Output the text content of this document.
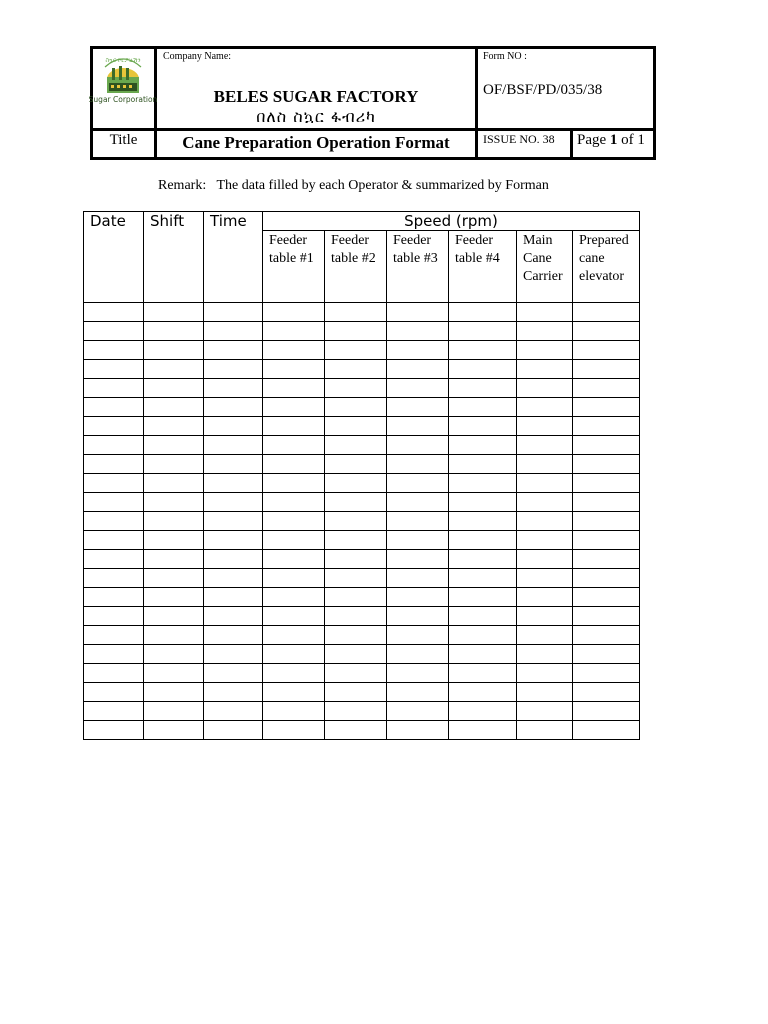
ስኳር ኮርፖሬሽን
Sugar Corporation
Company Name:
BELES SUGAR FACTORY
በለስ ስኳር ፋብሪካ
Form NO :
OF/BSF/PD/035/38
Title	Cane Preparation Operation Format	ISSUE NO. 38 Page 1 of 1
Remark: The data filled by each Operator & summarized by Forman
Date	Shift	Time	Speed (rpm)					
			Feeder table #1	Feeder table #2	Feeder table #3	Feeder table #4	Main Cane Carrier	Prepared cane elevator
